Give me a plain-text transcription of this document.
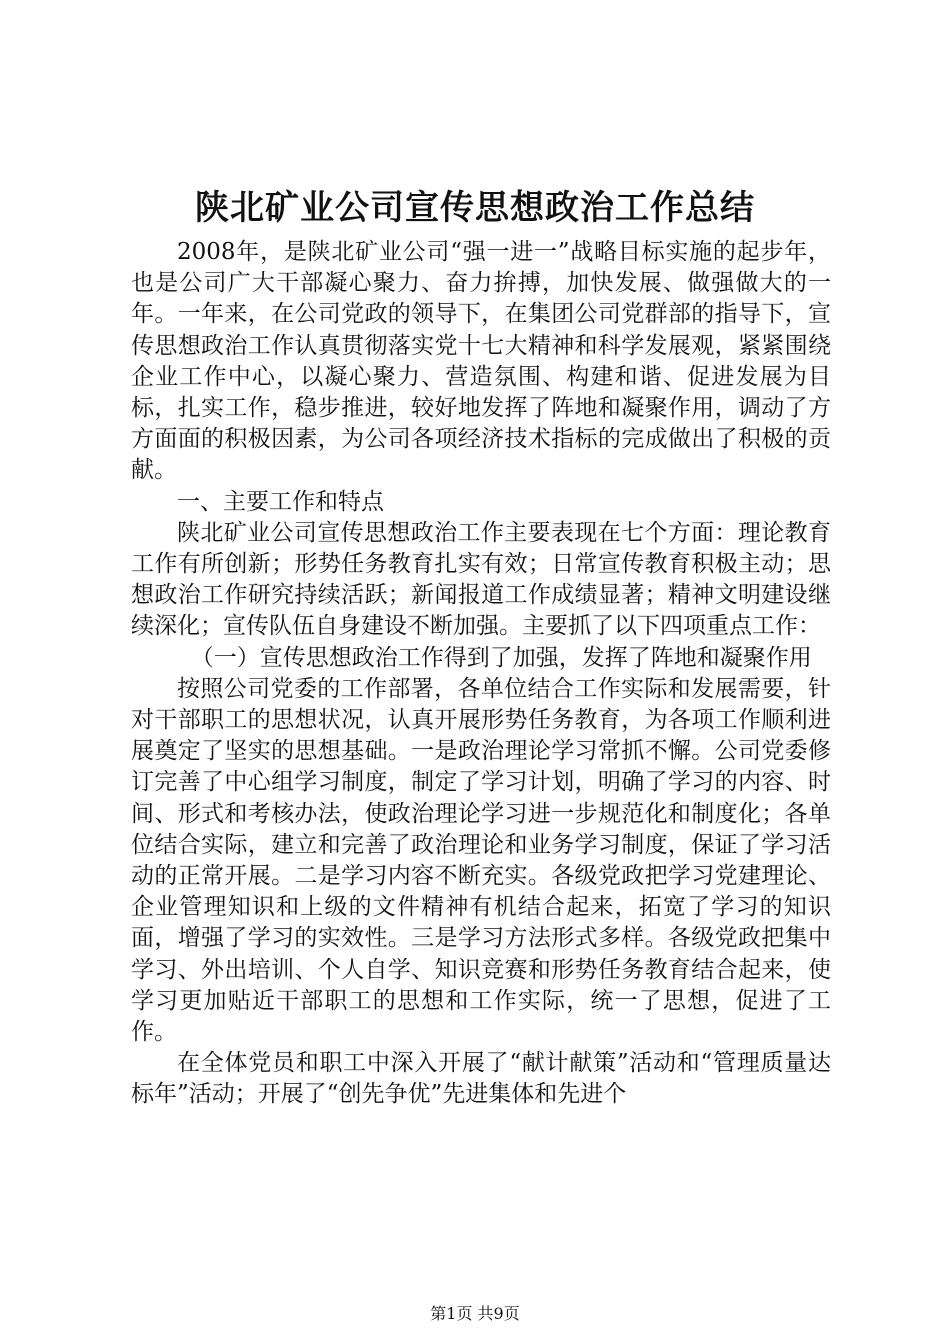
陕北矿业公司宣传思想政治工作总结

2008年，是陕北矿业公司“强一进一”战略目标实施的起步年，也是公司广大干部凝心聚力、奋力拚搏，加快发展、做强做大的一年。一年来，在公司党政的领导下，在集团公司党群部的指导下，宣传思想政治工作认真贯彻落实党十七大精神和科学发展观，紧紧围绕企业工作中心，以凝心聚力、营造氛围、构建和谐、促进发展为目标，扎实工作，稳步推进，较好地发挥了阵地和凝聚作用，调动了方方面面的积极因素，为公司各项经济技术指标的完成做出了积极的贡献。

一、主要工作和特点

陕北矿业公司宣传思想政治工作主要表现在七个方面：理论教育工作有所创新；形势任务教育扎实有效；日常宣传教育积极主动；思想政治工作研究持续活跃；新闻报道工作成绩显著；精神文明建设继续深化；宣传队伍自身建设不断加强。主要抓了以下四项重点工作：

（一）宣传思想政治工作得到了加强，发挥了阵地和凝聚作用

按照公司党委的工作部署，各单位结合工作实际和发展需要，针对干部职工的思想状况，认真开展形势任务教育，为各项工作顺利进展奠定了坚实的思想基础。一是政治理论学习常抓不懈。公司党委修订完善了中心组学习制度，制定了学习计划，明确了学习的内容、时间、形式和考核办法，使政治理论学习进一步规范化和制度化；各单位结合实际，建立和完善了政治理论和业务学习制度，保证了学习活动的正常开展。二是学习内容不断充实。各级党政把学习党建理论、企业管理知识和上级的文件精神有机结合起来，拓宽了学习的知识面，增强了学习的实效性。三是学习方法形式多样。各级党政把集中学习、外出培训、个人自学、知识竞赛和形势任务教育结合起来，使学习更加贴近干部职工的思想和工作实际，统一了思想，促进了工作。

在全体党员和职工中深入开展了“献计献策”活动和“管理质量达标年”活动；开展了“创先争优”先进集体和先进个

第1页 共9页
